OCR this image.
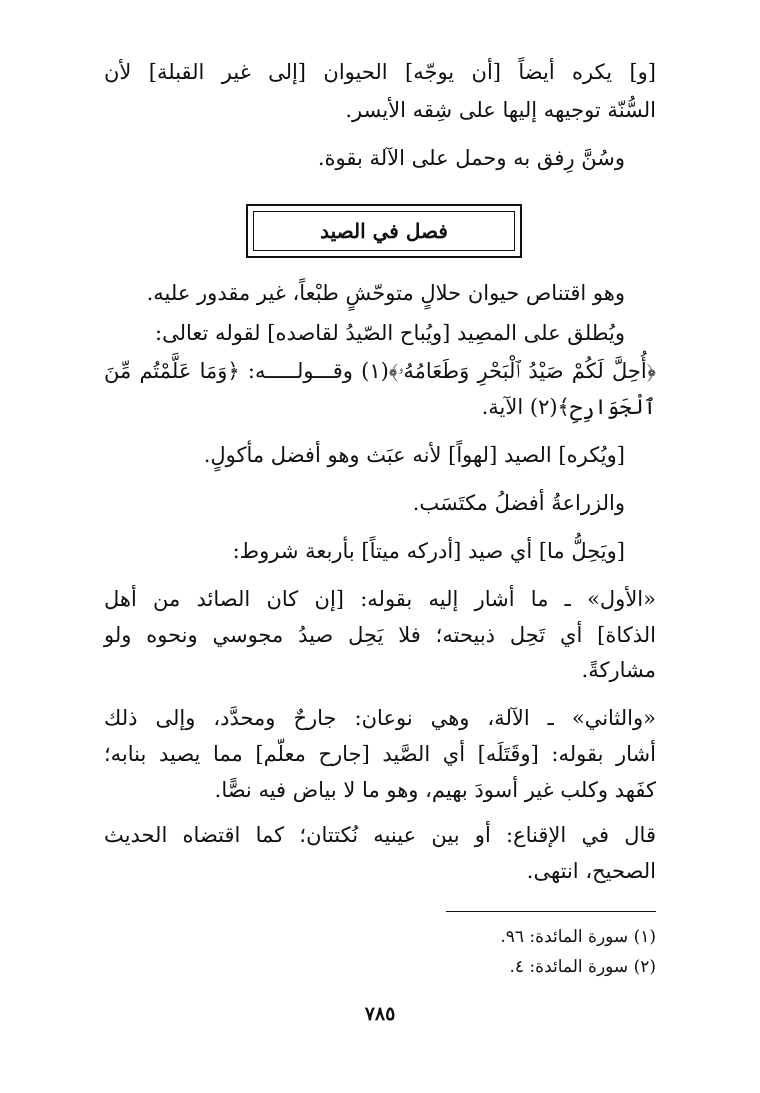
[و] يكره أيضاً [أن يوجّه] الحيوان [إلى غير القبلة] لأن
السُّنّة توجيهه إليها على شِقه الأيسر.
وسُنَّ رِفق به وحمل على الآلة بقوة.
فصل في الصيد
وهو اقتناص حيوان حلالٍ متوحّشٍ طبْعاً، غير مقدور عليه.
ويُطلق على المصِيد [ويُباح الصّيدُ لقاصده] لقوله تعالى:
﴿أُحِلَّ لَكُمْ صَيْدُ ٱلْبَحْرِ وَطَعَامُهُۥ﴾(١) وقـــولـــــه: ﴿وَمَا عَلَّمْتُم مِّنَ
ٱلْجَوَارِحِ﴾(٢) الآية.
[ويُكره] الصيد [لهواً] لأنه عبَث وهو أفضل مأكولٍ.
والزراعةُ أفضلُ مكتَسَب.
[ويَحِلُّ ما] أي صيد [أدركه ميتاً] بأربعة شروط:
«الأول» ـ ما أشار إليه بقوله: [إن كان الصائد من أهل
الذكاة] أي تَحِل ذبيحته؛ فلا يَحِل صيدُ مجوسي ونحوه ولو
مشاركةً.
«والثاني» ـ الآلة، وهي نوعان: جارحٌ ومحدَّد، وإلى ذلك
أشار بقوله: [وقَتَلَه] أي الصَّيد [جارح معلّم] مما يصيد بنابه؛
كفَهد وكلب غير أسودَ بهيم، وهو ما لا بياض فيه نصًّا.
قال في الإقناع: أو بين عينيه نُكتتان؛ كما اقتضاه الحديث
الصحيح، انتهى.
(١) سورة المائدة: ٩٦.
(٢) سورة المائدة: ٤.
٧٨٥
